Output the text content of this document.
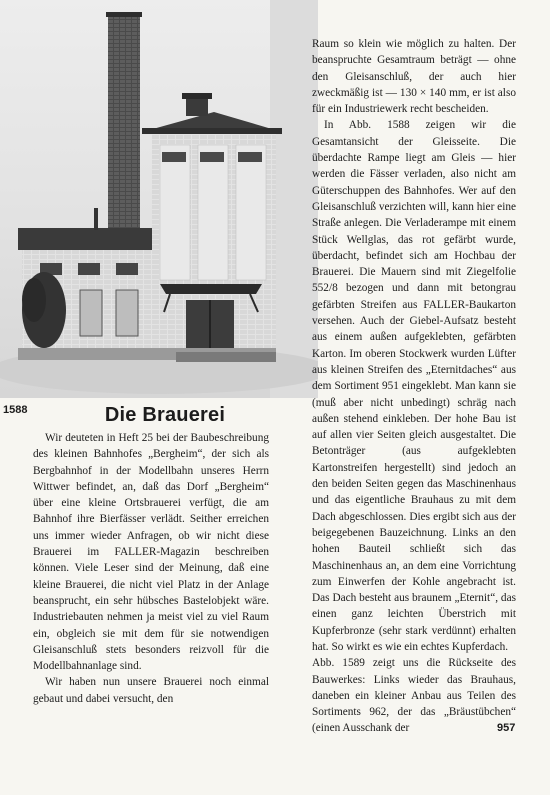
1588	Die Brauerei

Wir deuteten in Heft 25 bei der Baubeschreibung des kleinen Bahnhofes „Bergheim“, der sich als Bergbahnhof in der Modellbahn unseres Herrn Wittwer befindet, an, daß das Dorf „Bergheim“ über eine kleine Ortsbrauerei verfügt, die am Bahnhof ihre Bierfässer verlädt. Seither erreichen uns immer wieder Anfragen, ob wir nicht diese Brauerei im FALLER-Magazin beschreiben können. Viele Leser sind der Meinung, daß eine kleine Brauerei, die nicht viel Platz in der Anlage beansprucht, ein sehr hübsches Bastelobjekt wäre. Industriebauten nehmen ja meist viel zu viel Raum ein, obgleich sie mit dem für sie notwendigen Gleisanschluß stets besonders reizvoll für die Modellbahnanlage sind.

Wir haben nun unsere Brauerei noch einmal gebaut und dabei versucht, den

Raum so klein wie möglich zu halten. Der beanspruchte Gesamtraum beträgt — ohne den Gleisanschluß, der auch hier zweckmäßig ist — 130 × 140 mm, er ist also für ein Industriewerk recht bescheiden.

In Abb. 1588 zeigen wir die Gesamtansicht der Gleisseite. Die überdachte Rampe liegt am Gleis — hier werden die Fässer verladen, also nicht am Güterschuppen des Bahnhofes. Wer auf den Gleisanschluß verzichten will, kann hier eine Straße anlegen. Die Verladerampe mit einem Stück Wellglas, das rot gefärbt wurde, überdacht, befindet sich am Hochbau der Brauerei. Die Mauern sind mit Ziegelfolie 552/8 bezogen und dann mit betongrau gefärbten Streifen aus FALLER-Baukarton versehen. Auch der Giebel-Aufsatz besteht aus einem außen aufgeklebten, gefärbten Karton. Im oberen Stockwerk wurden Lüfter aus kleinen Streifen des „Eternitdaches“ aus dem Sortiment 951 eingeklebt. Man kann sie (muß aber nicht unbedingt) schräg nach außen stehend einkleben. Der hohe Bau ist auf allen vier Seiten gleich ausgestaltet. Die Betonträger (aus aufgeklebten Kartonstreifen hergestellt) sind jedoch an den beiden Seiten gegen das Maschinenhaus und das eigentliche Brauhaus zu mit dem Dach abgeschlossen. Dies ergibt sich aus der beigegebenen Bauzeichnung. Links an den hohen Bauteil schließt sich das Maschinenhaus an, an dem eine Vorrichtung zum Einwerfen der Kohle angebracht ist. Das Dach besteht aus braunem „Eternit“, das einen ganz leichten Überstrich mit Kupferbronze (sehr stark verdünnt) erhalten hat. So wirkt es wie ein echtes Kupferdach.

Abb. 1589 zeigt uns die Rückseite des Bauwerkes: Links wieder das Brauhaus, daneben ein kleiner Anbau aus Teilen des Sortiments 962, der das „Bräustübchen“ (einen Ausschank der	957
